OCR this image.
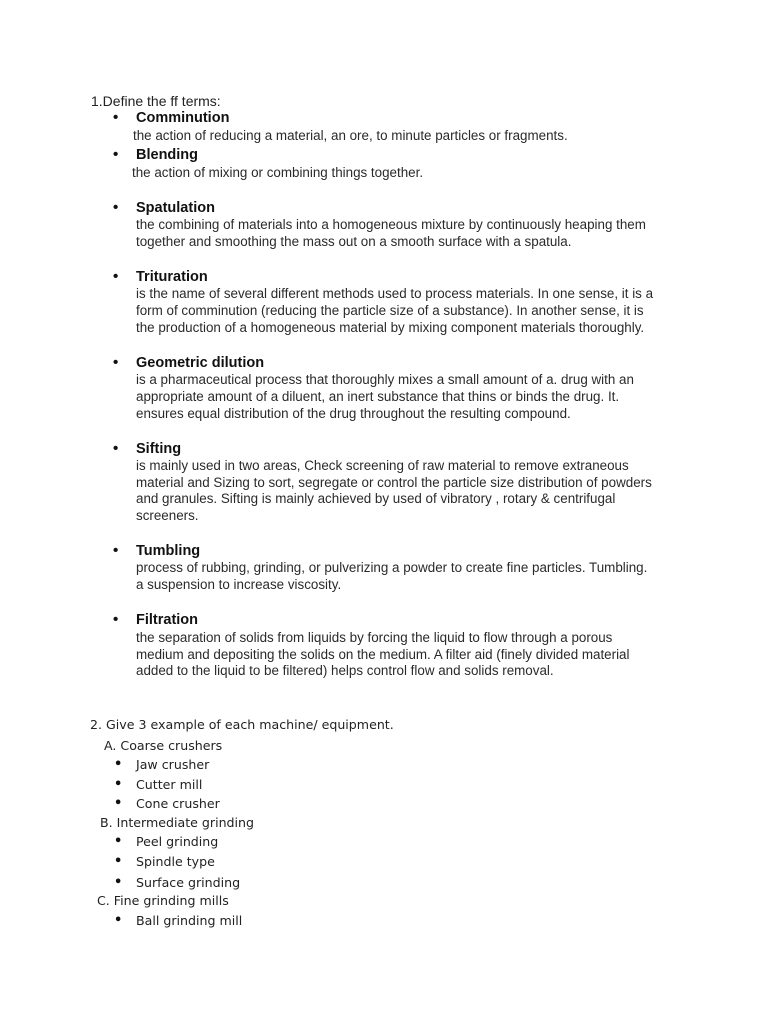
1.Define the ff terms:
• Comminution
the action of reducing a material, an ore, to minute particles or fragments.
• Blending
the action of mixing or combining things together.
• Spatulation
the combining of materials into a homogeneous mixture by continuously heaping them
together and smoothing the mass out on a smooth surface with a spatula.
• Trituration
is the name of several different methods used to process materials. In one sense, it is a
form of comminution (reducing the particle size of a substance). In another sense, it is
the production of a homogeneous material by mixing component materials thoroughly.
• Geometric dilution
is a pharmaceutical process that thoroughly mixes a small amount of a. drug with an
appropriate amount of a diluent, an inert substance that thins or binds the drug. It.
ensures equal distribution of the drug throughout the resulting compound.
• Sifting
is mainly used in two areas, Check screening of raw material to remove extraneous
material and Sizing to sort, segregate or control the particle size distribution of powders
and granules. Sifting is mainly achieved by used of vibratory , rotary & centrifugal
screeners.
• Tumbling
process of rubbing, grinding, or pulverizing a powder to create fine particles. Tumbling.
a suspension to increase viscosity.
• Filtration
the separation of solids from liquids by forcing the liquid to flow through a porous
medium and depositing the solids on the medium. A filter aid (finely divided material
added to the liquid to be filtered) helps control flow and solids removal.
2. Give 3 example of each machine/ equipment.
A. Coarse crushers
• Jaw crusher
• Cutter mill
• Cone crusher
B. Intermediate grinding
• Peel grinding
• Spindle type
• Surface grinding
C. Fine grinding mills
• Ball grinding mill
